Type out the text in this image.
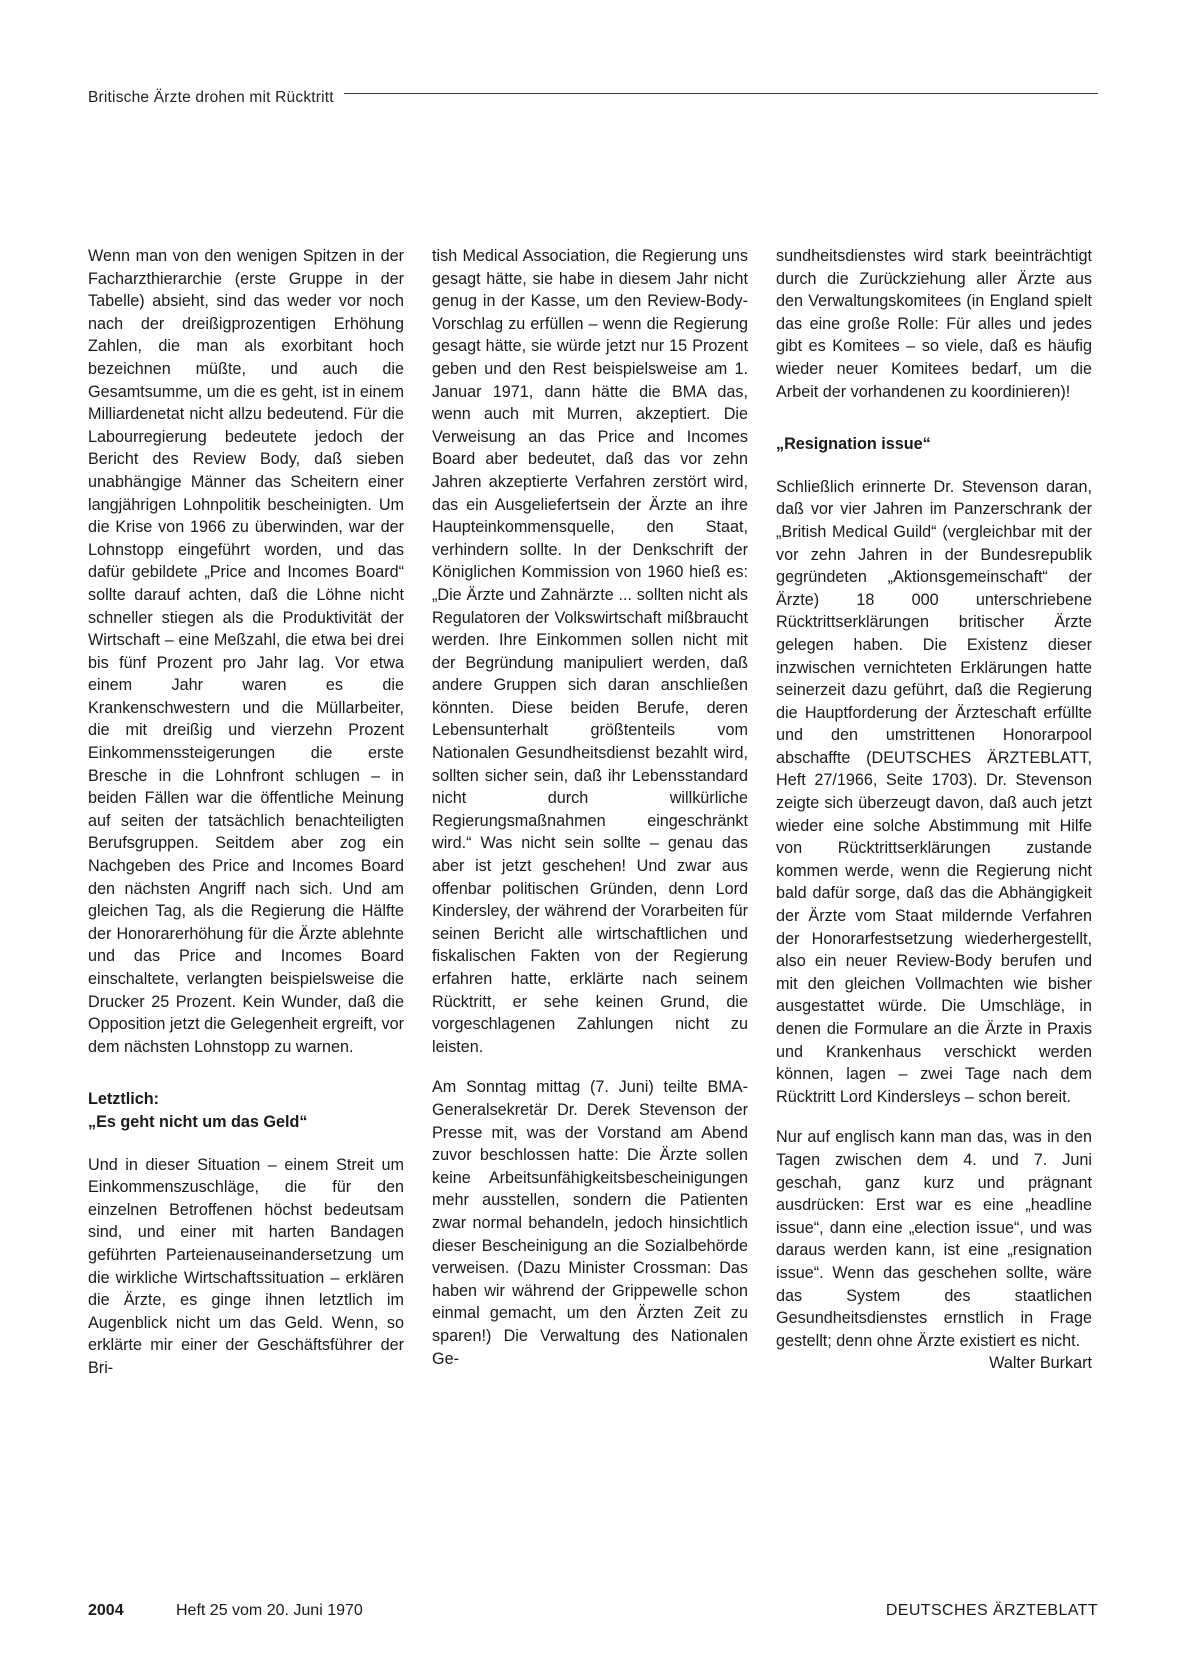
Britische Ärzte drohen mit Rücktritt

Wenn man von den wenigen Spitzen in der Facharzthierarchie (erste Gruppe in der Tabelle) absieht, sind das weder vor noch nach der dreißigprozentigen Erhöhung Zahlen, die man als exorbitant hoch bezeichnen müßte, und auch die Gesamtsumme, um die es geht, ist in einem Milliardenetat nicht allzu bedeutend. Für die Labourregierung bedeutete jedoch der Bericht des Review Body, daß sieben unabhängige Männer das Scheitern einer langjährigen Lohnpolitik bescheinigten. Um die Krise von 1966 zu überwinden, war der Lohnstopp eingeführt worden, und das dafür gebildete „Price and Incomes Board“ sollte darauf achten, daß die Löhne nicht schneller stiegen als die Produktivität der Wirtschaft – eine Meßzahl, die etwa bei drei bis fünf Prozent pro Jahr lag. Vor etwa einem Jahr waren es die Krankenschwestern und die Müllarbeiter, die mit dreißig und vierzehn Prozent Einkommenssteigerungen die erste Bresche in die Lohnfront schlugen – in beiden Fällen war die öffentliche Meinung auf seiten der tatsächlich benachteiligten Berufsgruppen. Seitdem aber zog ein Nachgeben des Price and Incomes Board den nächsten Angriff nach sich. Und am gleichen Tag, als die Regierung die Hälfte der Honorarerhöhung für die Ärzte ablehnte und das Price and Incomes Board einschaltete, verlangten beispielsweise die Drucker 25 Prozent. Kein Wunder, daß die Opposition jetzt die Gelegenheit ergreift, vor dem nächsten Lohnstopp zu warnen.

Letztlich:
„Es geht nicht um das Geld“

Und in dieser Situation – einem Streit um Einkommenszuschläge, die für den einzelnen Betroffenen höchst bedeutsam sind, und einer mit harten Bandagen geführten Parteienauseinandersetzung um die wirkliche Wirtschaftssituation – erklären die Ärzte, es ginge ihnen letztlich im Augenblick nicht um das Geld. Wenn, so erklärte mir einer der Geschäftsführer der Bri-

tish Medical Association, die Regierung uns gesagt hätte, sie habe in diesem Jahr nicht genug in der Kasse, um den Review-Body-Vorschlag zu erfüllen – wenn die Regierung gesagt hätte, sie würde jetzt nur 15 Prozent geben und den Rest beispielsweise am 1. Januar 1971, dann hätte die BMA das, wenn auch mit Murren, akzeptiert. Die Verweisung an das Price and Incomes Board aber bedeutet, daß das vor zehn Jahren akzeptierte Verfahren zerstört wird, das ein Ausgeliefertsein der Ärzte an ihre Haupteinkommensquelle, den Staat, verhindern sollte. In der Denkschrift der Königlichen Kommission von 1960 hieß es: „Die Ärzte und Zahnärzte ... sollten nicht als Regulatoren der Volkswirtschaft mißbraucht werden. Ihre Einkommen sollen nicht mit der Begründung manipuliert werden, daß andere Gruppen sich daran anschließen könnten. Diese beiden Berufe, deren Lebensunterhalt größtenteils vom Nationalen Gesundheitsdienst bezahlt wird, sollten sicher sein, daß ihr Lebensstandard nicht durch willkürliche Regierungsmaßnahmen eingeschränkt wird.“ Was nicht sein sollte – genau das aber ist jetzt geschehen! Und zwar aus offenbar politischen Gründen, denn Lord Kindersley, der während der Vorarbeiten für seinen Bericht alle wirtschaftlichen und fiskalischen Fakten von der Regierung erfahren hatte, erklärte nach seinem Rücktritt, er sehe keinen Grund, die vorgeschlagenen Zahlungen nicht zu leisten.

Am Sonntag mittag (7. Juni) teilte BMA-Generalsekretär Dr. Derek Stevenson der Presse mit, was der Vorstand am Abend zuvor beschlossen hatte: Die Ärzte sollen keine Arbeitsunfähigkeitsbescheinigungen mehr ausstellen, sondern die Patienten zwar normal behandeln, jedoch hinsichtlich dieser Bescheinigung an die Sozialbehörde verweisen. (Dazu Minister Crossman: Das haben wir während der Grippewelle schon einmal gemacht, um den Ärzten Zeit zu sparen!) Die Verwaltung des Nationalen Ge-

sundheitsdienstes wird stark beeinträchtigt durch die Zurückziehung aller Ärzte aus den Verwaltungskomitees (in England spielt das eine große Rolle: Für alles und jedes gibt es Komitees – so viele, daß es häufig wieder neuer Komitees bedarf, um die Arbeit der vorhandenen zu koordinieren)!

„Resignation issue“

Schließlich erinnerte Dr. Stevenson daran, daß vor vier Jahren im Panzerschrank der „British Medical Guild“ (vergleichbar mit der vor zehn Jahren in der Bundesrepublik gegründeten „Aktionsgemeinschaft“ der Ärzte) 18 000 unterschriebene Rücktrittserklärungen britischer Ärzte gelegen haben. Die Existenz dieser inzwischen vernichteten Erklärungen hatte seinerzeit dazu geführt, daß die Regierung die Hauptforderung der Ärzteschaft erfüllte und den umstrittenen Honorarpool abschaffte (DEUTSCHES ÄRZTEBLATT, Heft 27/1966, Seite 1703). Dr. Stevenson zeigte sich überzeugt davon, daß auch jetzt wieder eine solche Abstimmung mit Hilfe von Rücktrittserklärungen zustande kommen werde, wenn die Regierung nicht bald dafür sorge, daß das die Abhängigkeit der Ärzte vom Staat mildernde Verfahren der Honorarfestsetzung wiederhergestellt, also ein neuer Review-Body berufen und mit den gleichen Vollmachten wie bisher ausgestattet würde. Die Umschläge, in denen die Formulare an die Ärzte in Praxis und Krankenhaus verschickt werden können, lagen – zwei Tage nach dem Rücktritt Lord Kindersleys – schon bereit.

Nur auf englisch kann man das, was in den Tagen zwischen dem 4. und 7. Juni geschah, ganz kurz und prägnant ausdrücken: Erst war es eine „headline issue“, dann eine „election issue“, und was daraus werden kann, ist eine „resignation issue“. Wenn das geschehen sollte, wäre das System des staatlichen Gesundheitsdienstes ernstlich in Frage gestellt; denn ohne Ärzte existiert es nicht.
Walter Burkart

2004	Heft 25 vom 20. Juni 1970	DEUTSCHES ÄRZTEBLATT
